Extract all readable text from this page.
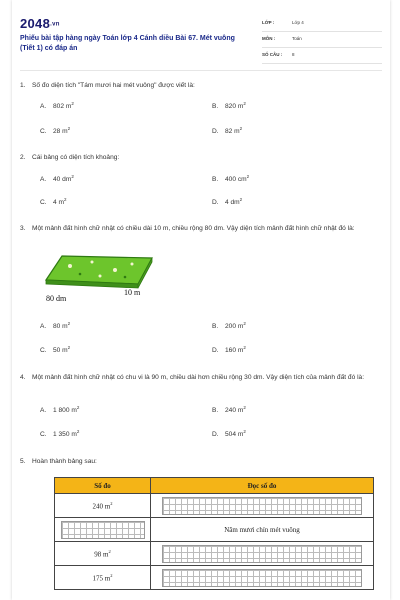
2048.vn
Phiếu bài tập hàng ngày Toán lớp 4 Cánh diều Bài 67. Mét vuông (Tiết 1) có đáp án
LỚP :	Lớp 4
MÔN :	Toán
SỐ CÂU : 8
1. Số đo diện tích "Tám mươi hai mét vuông" được viết là:
A. 802 $m^2$	B. 820 $m^2$
C. 28 $m^2$	D. 82 $m^2$
2. Cái bảng có diện tích khoảng:
A. 40 $dm^2$	B. 400 $cm^2$
C. 4 $m^2$	D. 4 $dm^2$
3. Một mảnh đất hình chữ nhật có chiều dài 10 m, chiều rộng 80 dm. Vậy diện tích mảnh đất hình chữ nhật đó là:
80 dm
10 m
A. 80 $m^2$	B. 200 $m^2$
C. 50 $m^2$	D. 160 $m^2$
4. Một mảnh đất hình chữ nhật có chu vi là 90 m, chiều dài hơn chiều rộng 30 dm. Vậy diện tích của mảnh đất đó là:
A. 1 800 $m^2$	B. 240 $m^2$
C. 1 350 $m^2$	D. 504 $m^2$
5. Hoàn thành bảng sau:
Số đo	Đọc số đo
240 $m^2$	

	Năm mươi chín mét vuông
98 $m^2$	

175 $m^2$	
